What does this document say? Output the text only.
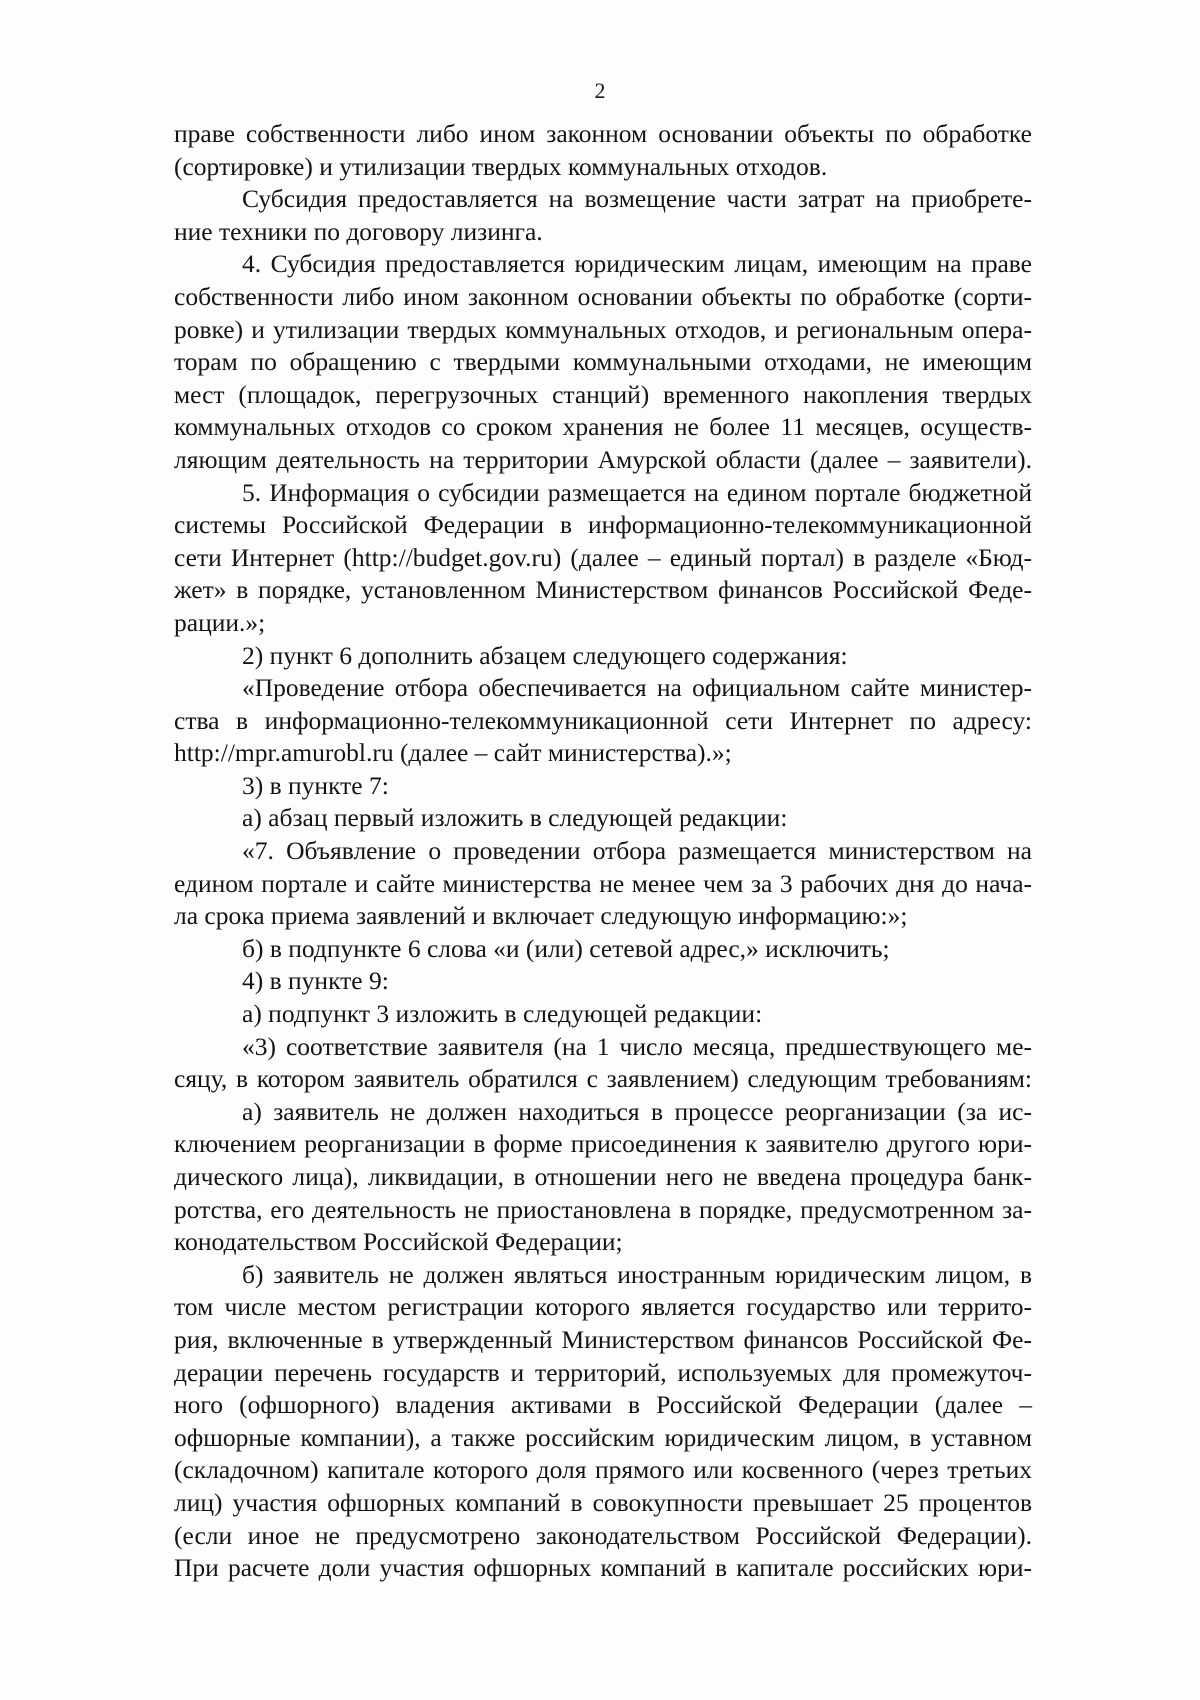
2
праве собственности либо ином законном основании объекты по обработке
(сортировке) и утилизации твердых коммунальных отходов.
Субсидия предоставляется на возмещение части затрат на приобрете-
ние техники по договору лизинга.
4. Субсидия предоставляется юридическим лицам, имеющим на праве
собственности либо ином законном основании объекты по обработке (сорти-
ровке) и утилизации твердых коммунальных отходов, и региональным опера-
торам по обращению с твердыми коммунальными отходами, не имеющим
мест (площадок, перегрузочных станций) временного накопления твердых
коммунальных отходов со сроком хранения не более 11 месяцев, осуществ-
ляющим деятельность на территории Амурской области (далее – заявители).
5. Информация о субсидии размещается на едином портале бюджетной
системы Российской Федерации в информационно-телекоммуникационной
сети Интернет (http://budget.gov.ru) (далее – единый портал) в разделе «Бюд-
жет» в порядке, установленном Министерством финансов Российской Феде-
рации.»;
2) пункт 6 дополнить абзацем следующего содержания:
«Проведение отбора обеспечивается на официальном сайте министер-
ства в информационно-телекоммуникационной сети Интернет по адресу:
http://mpr.amurobl.ru (далее – сайт министерства).»;
3) в пункте 7:
а) абзац первый изложить в следующей редакции:
«7. Объявление о проведении отбора размещается министерством на
едином портале и сайте министерства не менее чем за 3 рабочих дня до нача-
ла срока приема заявлений и включает следующую информацию:»;
б) в подпункте 6 слова «и (или) сетевой адрес,» исключить;
4) в пункте 9:
а) подпункт 3 изложить в следующей редакции:
«3) соответствие заявителя (на 1 число месяца, предшествующего ме-
сяцу, в котором заявитель обратился с заявлением) следующим требованиям:
а) заявитель не должен находиться в процессе реорганизации (за ис-
ключением реорганизации в форме присоединения к заявителю другого юри-
дического лица), ликвидации, в отношении него не введена процедура банк-
ротства, его деятельность не приостановлена в порядке, предусмотренном за-
конодательством Российской Федерации;
б) заявитель не должен являться иностранным юридическим лицом, в
том числе местом регистрации которого является государство или террито-
рия, включенные в утвержденный Министерством финансов Российской Фе-
дерации перечень государств и территорий, используемых для промежуточ-
ного (офшорного) владения активами в Российской Федерации (далее –
офшорные компании), а также российским юридическим лицом, в уставном
(складочном) капитале которого доля прямого или косвенного (через третьих
лиц) участия офшорных компаний в совокупности превышает 25 процентов
(если иное не предусмотрено законодательством Российской Федерации).
При расчете доли участия офшорных компаний в капитале российских юри-
